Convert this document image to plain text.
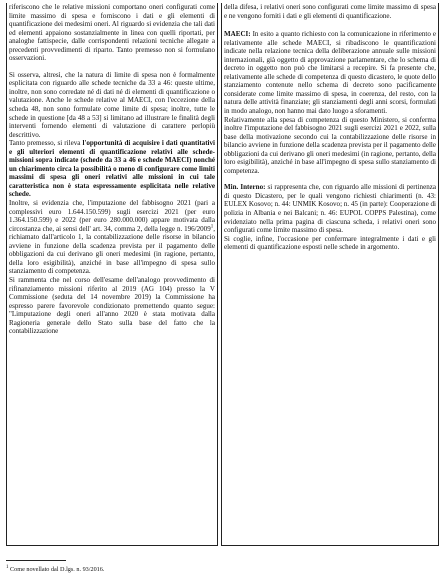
riferiscono che le relative missioni comportano oneri configurati come limite massimo di spesa e forniscono i dati e gli elementi di quantificazione dei medesimi oneri. Al riguardo si evidenzia che tali dati ed elementi appaiono sostanzialmente in linea con quelli riportati, per analoghe fattispecie, dalle corrispondenti relazioni tecniche allegate a precedenti provvedimenti di riparto. Tanto premesso non si formulano osservazioni.

Si osserva, altresì, che la natura di limite di spesa non è formalmente esplicitata con riguardo alle schede tecniche da 33 a 46: queste ultime, inoltre, non sono corredate né di dati né di elementi di quantificazione o valutazione. Anche le schede relative al MAECI, con l'eccezione della scheda 48, non sono formulate come limite di spesa; inoltre, tutte le schede in questione [da 48 a 53] si limitano ad illustrare le finalità degli interventi fornendo elementi di valutazione di carattere perlopiù descrittivo.

Tanto premesso, si rileva l'opportunità di acquisire i dati quantitativi e gli ulteriori elementi di quantificazione relativi alle schede-missioni sopra indicate (schede da 33 a 46 e schede MAECI) nonché un chiarimento circa la possibilità o meno di configurare come limiti massimi di spesa gli oneri relativi alle missioni in cui tale caratteristica non è stata espressamente esplicitata nelle relative schede.

Inoltre, si evidenzia che, l'imputazione del fabbisogno 2021 (pari a complessivi euro 1.644.150.599) sugli esercizi 2021 (per euro 1.364.150.599) e 2022 (per euro 280.000.000) appare motivata dalla circostanza che, ai sensi dell' art. 34, comma 2, della legge n. 196/2009$^1$, richiamato dall'articolo 1, la contabilizzazione delle risorse in bilancio avviene in funzione della scadenza prevista per il pagamento delle obbligazioni da cui derivano gli oneri medesimi (in ragione, pertanto, della loro esigibilità), anziché in base all'impegno di spesa sullo stanziamento di competenza.

Si rammenta che nel corso dell'esame dell'analogo provvedimento di rifinanziamento missioni riferito al 2019 (AG 104) presso la V Commissione (seduta del 14 novembre 2019) la Commissione ha espresso parere favorevole condizionato premettendo quanto segue: "Limputazione degli oneri all'anno 2020 è stata motivata dalla Ragioneria generale dello Stato sulla base del fatto che la contabilizzazione

della difesa, i relativi oneri sono configurati come limite massimo di spesa e ne vengono forniti i dati e gli elementi di quantificazione.

MAECI: In esito a quanto richiesto con la comunicazione in riferimento e relativamente alle schede MAECI, si ribadiscono le quantificazioni indicate nella relazione tecnica della deliberazione annuale sulle missioni internazionali, già oggetto di approvazione parlamentare, che lo schema di decreto in oggetto non può che limitarsi a recepire. Si fa presente che, relativamente alle schede di competenza di questo dicastero, le quote dello stanziamento contenute nello schema di decreto sono pacificamente considerate come limite massimo di spesa, in coerenza, del resto, con la natura delle attività finanziate; gli stanziamenti degli anni scorsi, formulati in modo analogo, non hanno mai dato luogo a sforamenti.

Relativamente alla spesa di competenza di questo Ministero, si conferma inoltre l'imputazione del fabbisogno 2021 sugli esercizi 2021 e 2022, sulla base della motivazione secondo cui la contabilizzazione delle risorse in bilancio avviene in funzione della scadenza prevista per il pagamento delle obbligazioni da cui derivano gli oneri medesimi (in ragione, pertanto, della loro esigibilità), anziché in base all'impegno di spesa sullo stanziamento di competenza.

Min. Interno: si rappresenta che, con riguardo alle missioni di pertinenza di questo Dicastero, per le quali vengono richiesti chiarimenti (n. 43: EULEX Kosovo; n. 44: UNMIK Kosovo; n. 45 (in parte): Cooperazione di polizia in Albania e nei Balcani; n. 46: EUPOL COPPS Palestina), come evidenziato nella prima pagina di ciascuna scheda, i relativi oneri sono configurati come limite massimo di spesa.

Si coglie, infine, l'occasione per confermare integralmente i dati e gli elementi di quantificazione esposti nelle schede in argomento.

$^1$ Come novellato dal D.lgs. n. 93/2016.
